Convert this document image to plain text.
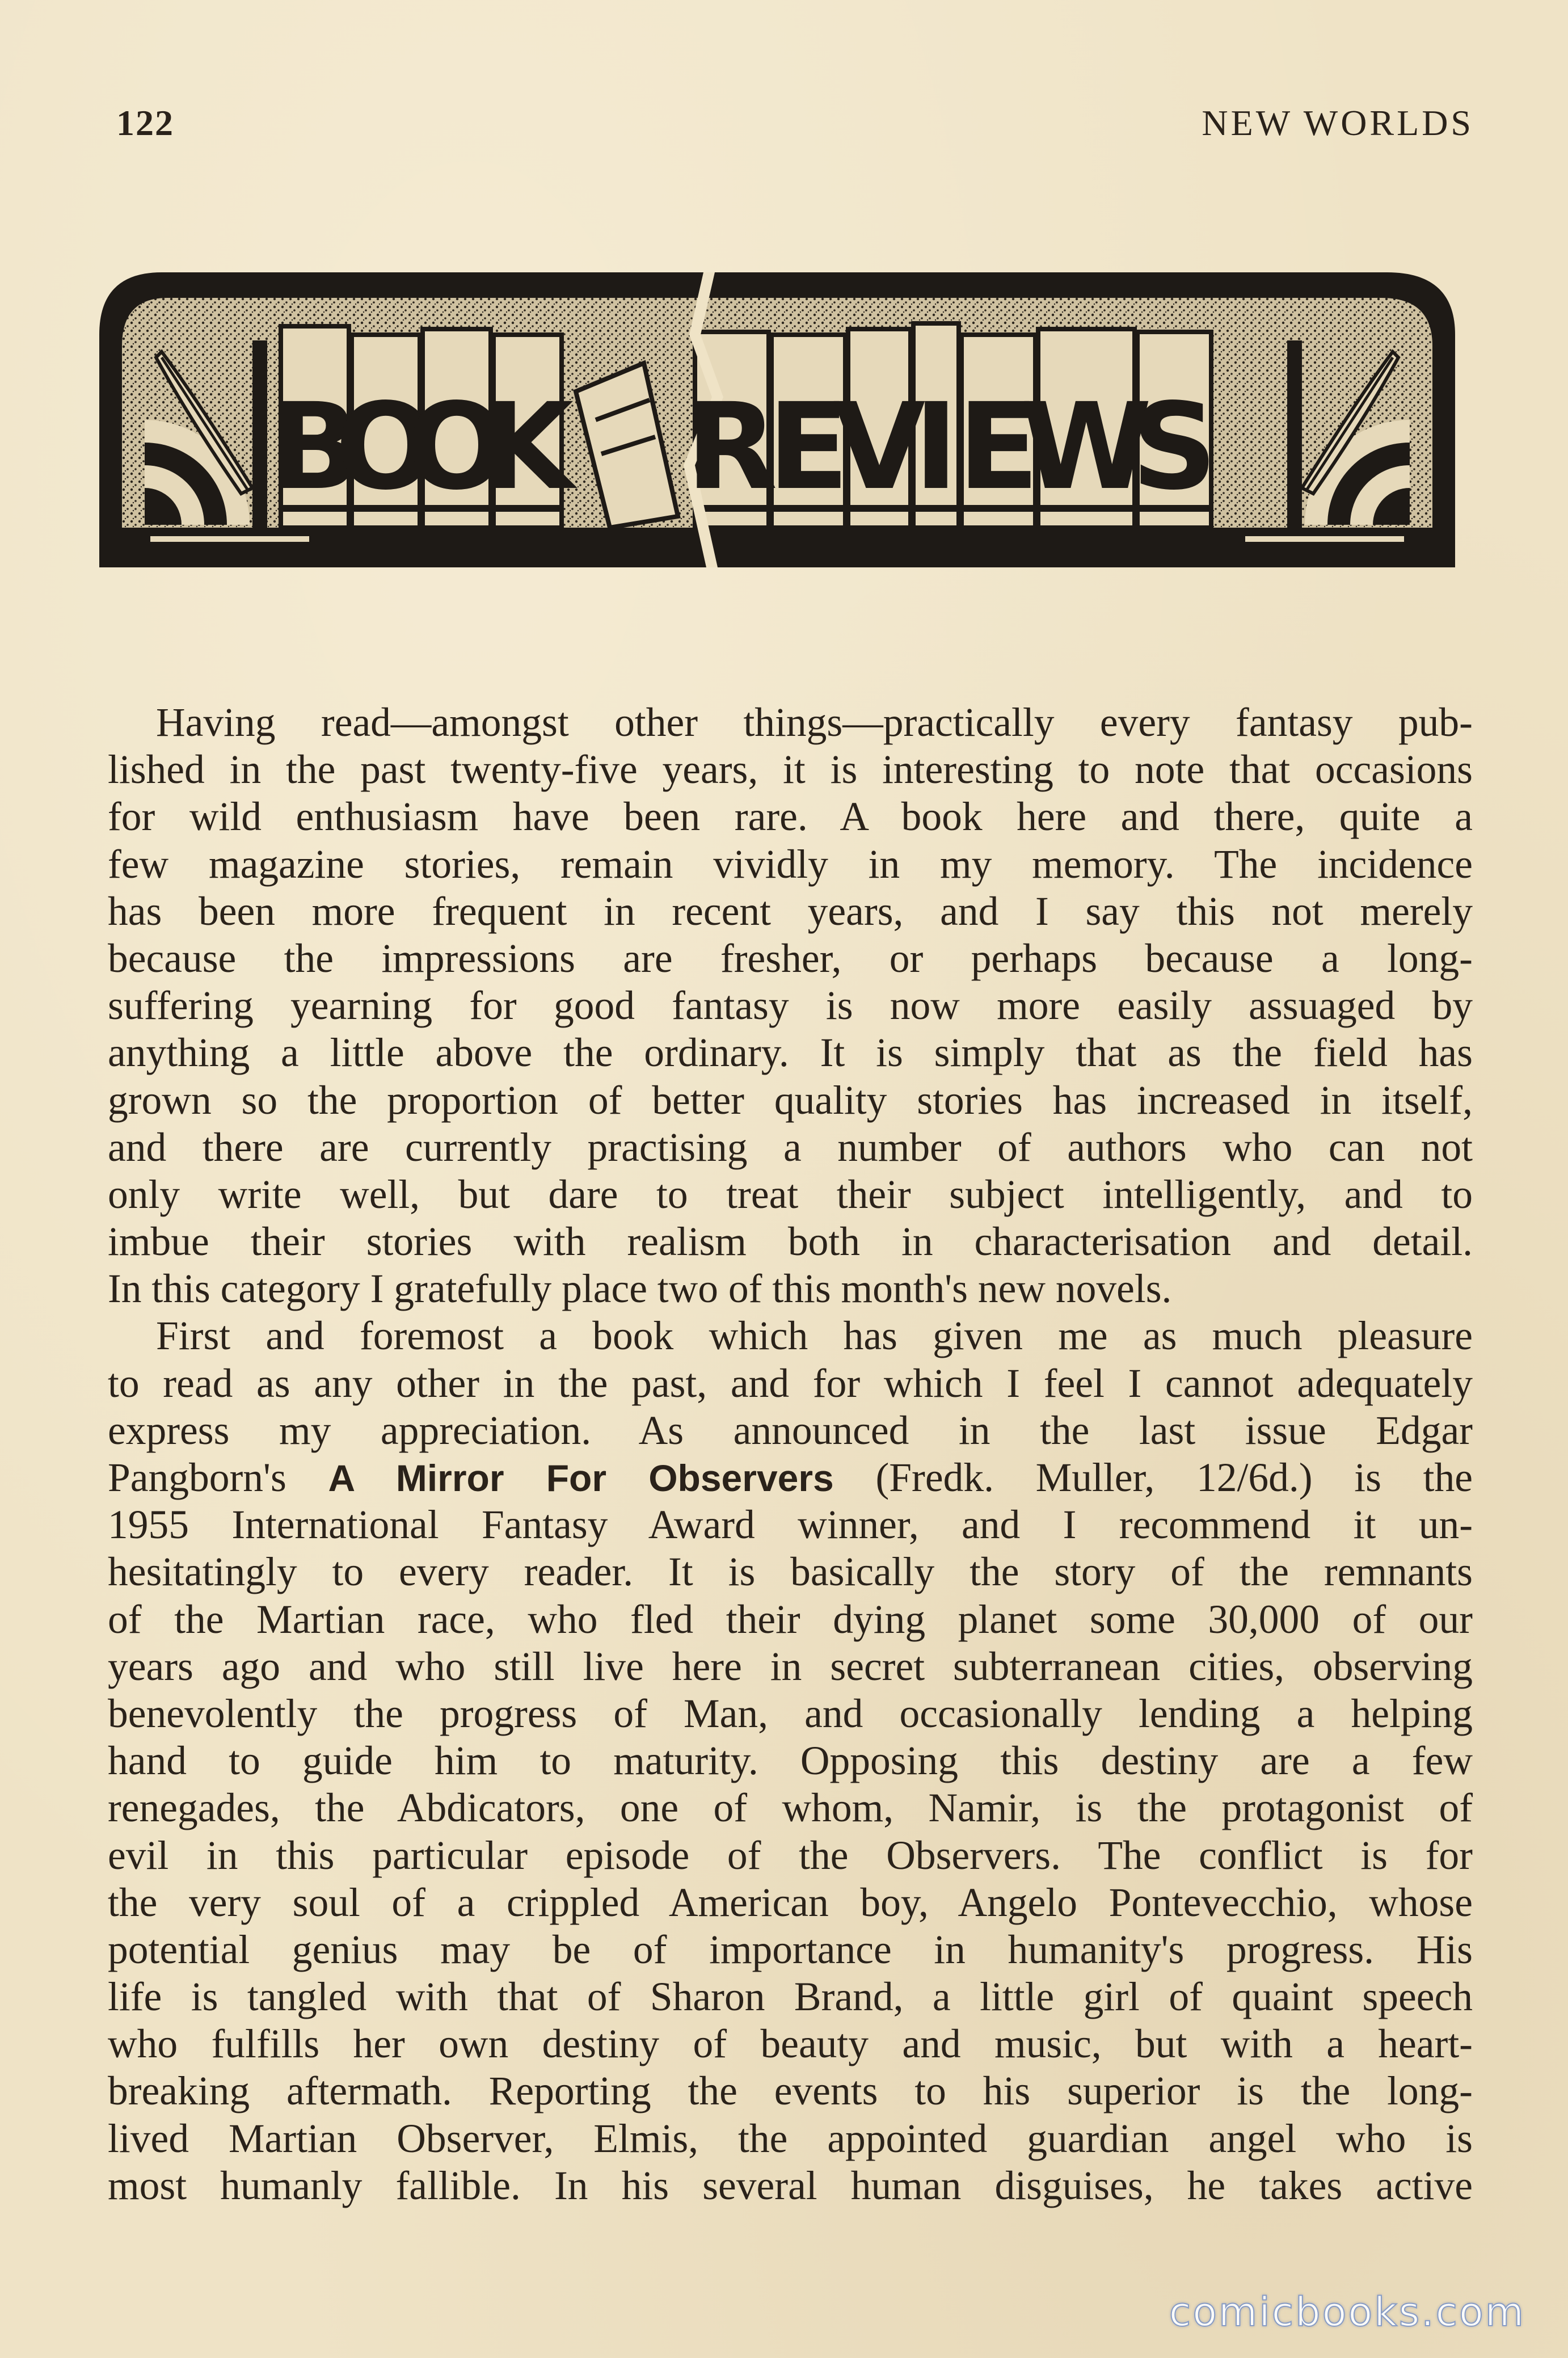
122	NEW WORLDS
B
O
O
K R
E
V
I E
W
S
Having read—amongst other things—practically every fantasy pub-
lished in the past twenty-five years, it is interesting to note that occasions
for wild enthusiasm have been rare. A book here and there, quite a
few magazine stories, remain vividly in my memory. The incidence
has been more frequent in recent years, and I say this not merely
because the impressions are fresher, or perhaps because a long-
suffering yearning for good fantasy is now more easily assuaged by
anything a little above the ordinary. It is simply that as the field has
grown so the proportion of better quality stories has increased in itself,
and there are currently practising a number of authors who can not
only write well, but dare to treat their subject intelligently, and to
imbue their stories with realism both in characterisation and detail.
In this category I gratefully place two of this month's new novels.
First and foremost a book which has given me as much pleasure
to read as any other in the past, and for which I feel I cannot adequately
express my appreciation. As announced in the last issue Edgar
Pangborn's A Mirror For Observers (Fredk. Muller, 12/6d.) is the
1955 International Fantasy Award winner, and I recommend it un-
hesitatingly to every reader. It is basically the story of the remnants
of the Martian race, who fled their dying planet some 30,000 of our
years ago and who still live here in secret subterranean cities, observing
benevolently the progress of Man, and occasionally lending a helping
hand to guide him to maturity. Opposing this destiny are a few
renegades, the Abdicators, one of whom, Namir, is the protagonist of
evil in this particular episode of the Observers. The conflict is for
the very soul of a crippled American boy, Angelo Pontevecchio, whose
potential genius may be of importance in humanity's progress. His
life is tangled with that of Sharon Brand, a little girl of quaint speech
who fulfills her own destiny of beauty and music, but with a heart-
breaking aftermath. Reporting the events to his superior is the long-
lived Martian Observer, Elmis, the appointed guardian angel who is
most humanly fallible. In his several human disguises, he takes active
comicbooks.com
